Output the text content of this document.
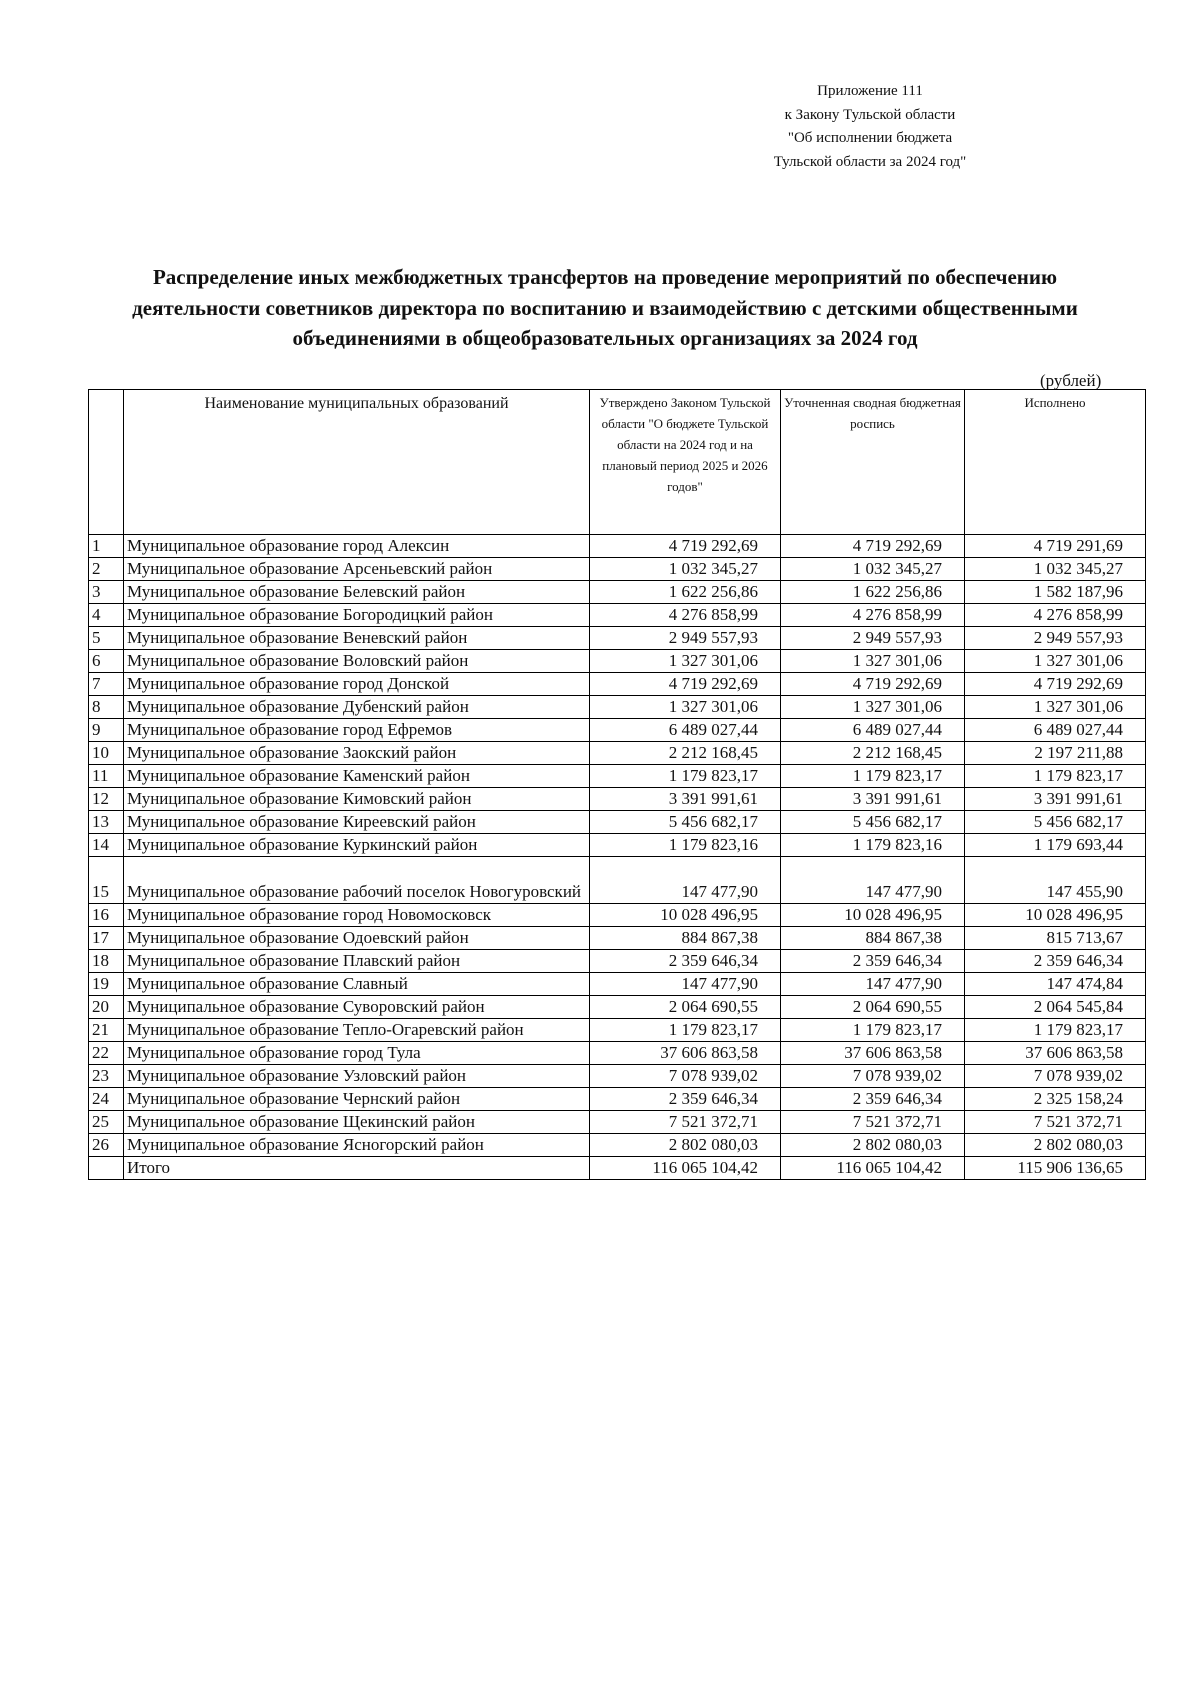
Приложение 111
к Закону Тульской области
"Об исполнении бюджета
Тульской области за 2024 год"
Распределение иных межбюджетных трансфертов на проведение мероприятий по обеспечению
деятельности советников директора по воспитанию и взаимодействию с детскими общественными
объединениями в общеобразовательных организациях за 2024 год
(рублей)
	Наименование муниципальных образований	Утверждено Законом Тульской области "О бюджете Тульской области на 2024 год и на плановый период 2025 и 2026 годов"	Уточненная сводная бюджетная роспись	Исполнено
1	Муниципальное образование город Алексин	4 719 292,69	4 719 292,69	4 719 291,69
2	Муниципальное образование Арсеньевский район	1 032 345,27	1 032 345,27	1 032 345,27
3	Муниципальное образование Белевский район	1 622 256,86	1 622 256,86	1 582 187,96
4	Муниципальное образование Богородицкий район	4 276 858,99	4 276 858,99	4 276 858,99
5	Муниципальное образование Веневский район	2 949 557,93	2 949 557,93	2 949 557,93
6	Муниципальное образование Воловский район	1 327 301,06	1 327 301,06	1 327 301,06
7	Муниципальное образование город Донской	4 719 292,69	4 719 292,69	4 719 292,69
8	Муниципальное образование Дубенский район	1 327 301,06	1 327 301,06	1 327 301,06
9	Муниципальное образование город Ефремов	6 489 027,44	6 489 027,44	6 489 027,44
10	Муниципальное образование Заокский район	2 212 168,45	2 212 168,45	2 197 211,88
11	Муниципальное образование Каменский район	1 179 823,17	1 179 823,17	1 179 823,17
12	Муниципальное образование Кимовский район	3 391 991,61	3 391 991,61	3 391 991,61
13	Муниципальное образование Киреевский район	5 456 682,17	5 456 682,17	5 456 682,17
14	Муниципальное образование Куркинский район	1 179 823,16	1 179 823,16	1 179 693,44
15	Муниципальное образование рабочий поселок Новогуровский	147 477,90	147 477,90	147 455,90
16	Муниципальное образование город Новомосковск	10 028 496,95	10 028 496,95	10 028 496,95
17	Муниципальное образование Одоевский район	884 867,38	884 867,38	815 713,67
18	Муниципальное образование Плавский район	2 359 646,34	2 359 646,34	2 359 646,34
19	Муниципальное образование Славный	147 477,90	147 477,90	147 474,84
20	Муниципальное образование Суворовский район	2 064 690,55	2 064 690,55	2 064 545,84
21	Муниципальное образование Тепло-Огаревский район	1 179 823,17	1 179 823,17	1 179 823,17
22	Муниципальное образование город Тула	37 606 863,58	37 606 863,58	37 606 863,58
23	Муниципальное образование Узловский район	7 078 939,02	7 078 939,02	7 078 939,02
24	Муниципальное образование Чернский район	2 359 646,34	2 359 646,34	2 325 158,24
25	Муниципальное образование Щекинский район	7 521 372,71	7 521 372,71	7 521 372,71
26	Муниципальное образование Ясногорский район	2 802 080,03	2 802 080,03	2 802 080,03
	Итого	116 065 104,42	116 065 104,42	115 906 136,65
